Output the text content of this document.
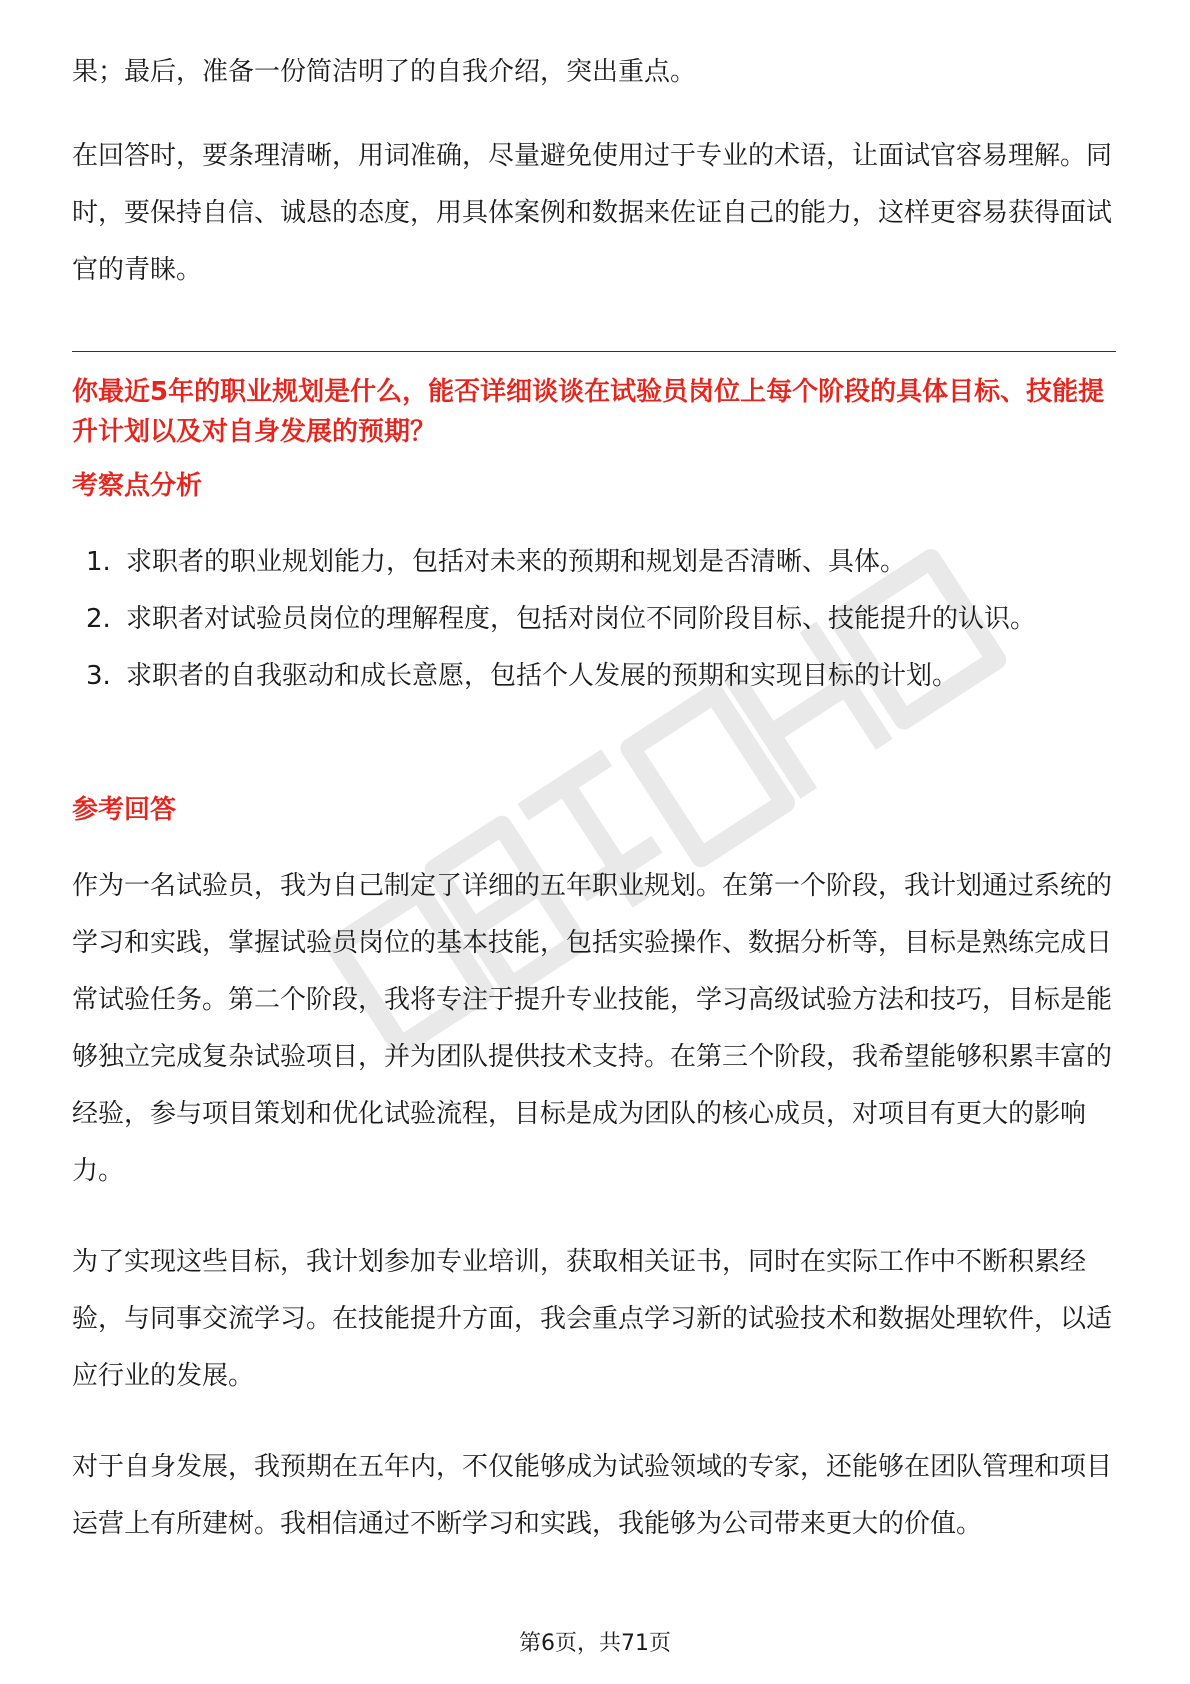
果；最后，准备一份简洁明了的自我介绍，突出重点。

在回答时，要条理清晰，用词准确，尽量避免使用过于专业的术语，让面试官容易理解。同时，要保持自信、诚恳的态度，用具体案例和数据来佐证自己的能力，这样更容易获得面试官的青睐。

你最近5年的职业规划是什么，能否详细谈谈在试验员岗位上每个阶段的具体目标、技能提升计划以及对自身发展的预期？

考察点分析

1. 求职者的职业规划能力，包括对未来的预期和规划是否清晰、具体。
2. 求职者对试验员岗位的理解程度，包括对岗位不同阶段目标、技能提升的认识。
3. 求职者的自我驱动和成长意愿，包括个人发展的预期和实现目标的计划。

参考回答

作为一名试验员，我为自己制定了详细的五年职业规划。在第一个阶段，我计划通过系统的学习和实践，掌握试验员岗位的基本技能，包括实验操作、数据分析等，目标是熟练完成日常试验任务。第二个阶段，我将专注于提升专业技能，学习高级试验方法和技巧，目标是能够独立完成复杂试验项目，并为团队提供技术支持。在第三个阶段，我希望能够积累丰富的经验，参与项目策划和优化试验流程，目标是成为团队的核心成员，对项目有更大的影响力。

为了实现这些目标，我计划参加专业培训，获取相关证书，同时在实际工作中不断积累经验，与同事交流学习。在技能提升方面，我会重点学习新的试验技术和数据处理软件，以适应行业的发展。

对于自身发展，我预期在五年内，不仅能够成为试验领域的专家，还能够在团队管理和项目运营上有所建树。我相信通过不断学习和实践，我能够为公司带来更大的价值。

第6页，共71页
